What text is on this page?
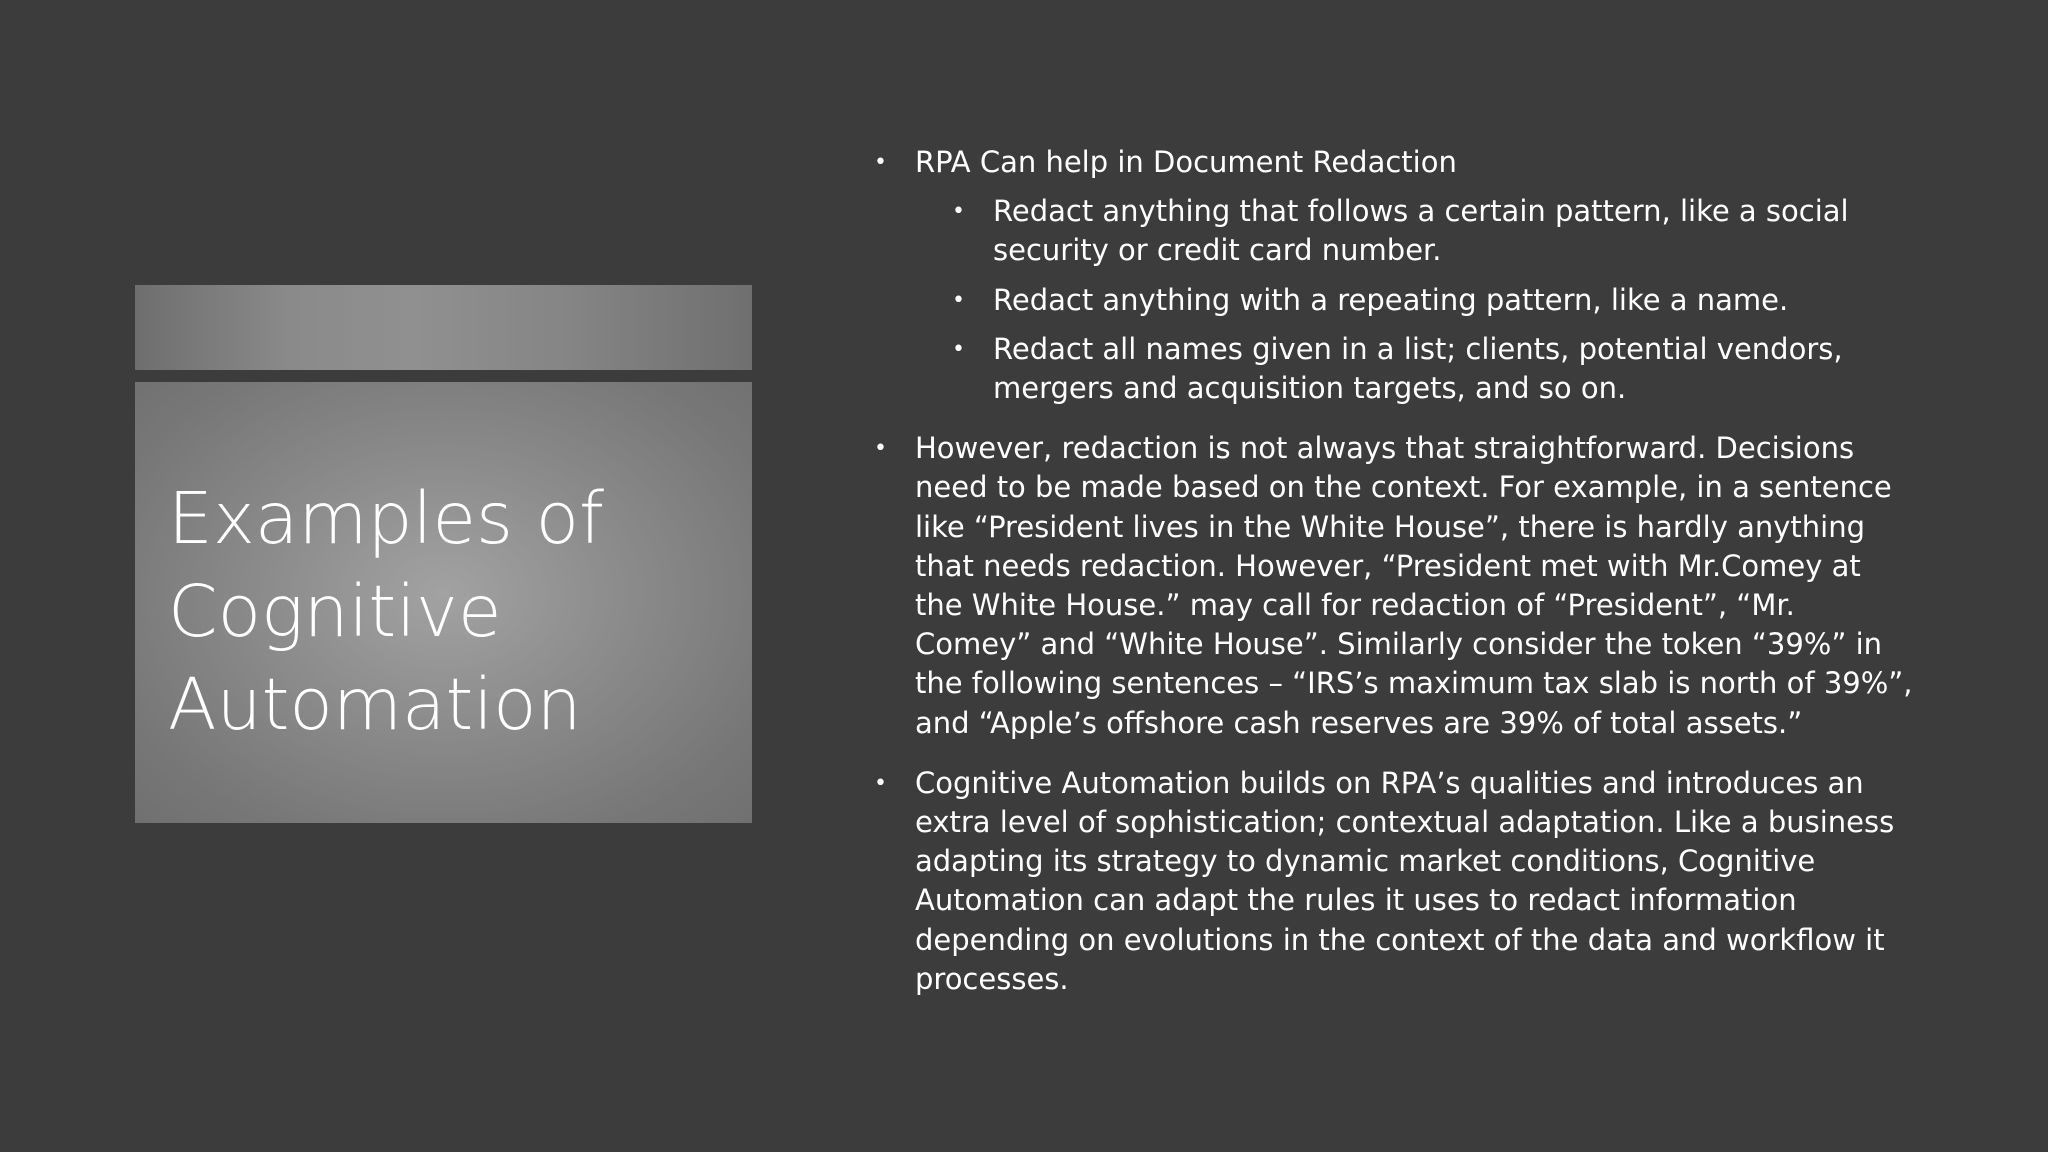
Examples of
Cognitive
Automation
• RPA Can help in Document Redaction
• Redact anything that follows a certain pattern, like a social security or credit card number.
• Redact anything with a repeating pattern, like a name.
• Redact all names given in a list; clients, potential vendors, mergers and acquisition targets, and so on.
• However, redaction is not always that straightforward. Decisions need to be made based on the context. For example, in a sentence like “President lives in the White House”, there is hardly anything that needs redaction. However, “President met with Mr.Comey at the White House.” may call for redaction of “President”, “Mr. Comey” and “White House”. Similarly consider the token “39%” in the following sentences – “IRS’s maximum tax slab is north of 39%”, and “Apple’s offshore cash reserves are 39% of total assets.”
• Cognitive Automation builds on RPA’s qualities and introduces an extra level of sophistication; contextual adaptation. Like a business adapting its strategy to dynamic market conditions, Cognitive Automation can adapt the rules it uses to redact information depending on evolutions in the context of the data and workflow it processes.
